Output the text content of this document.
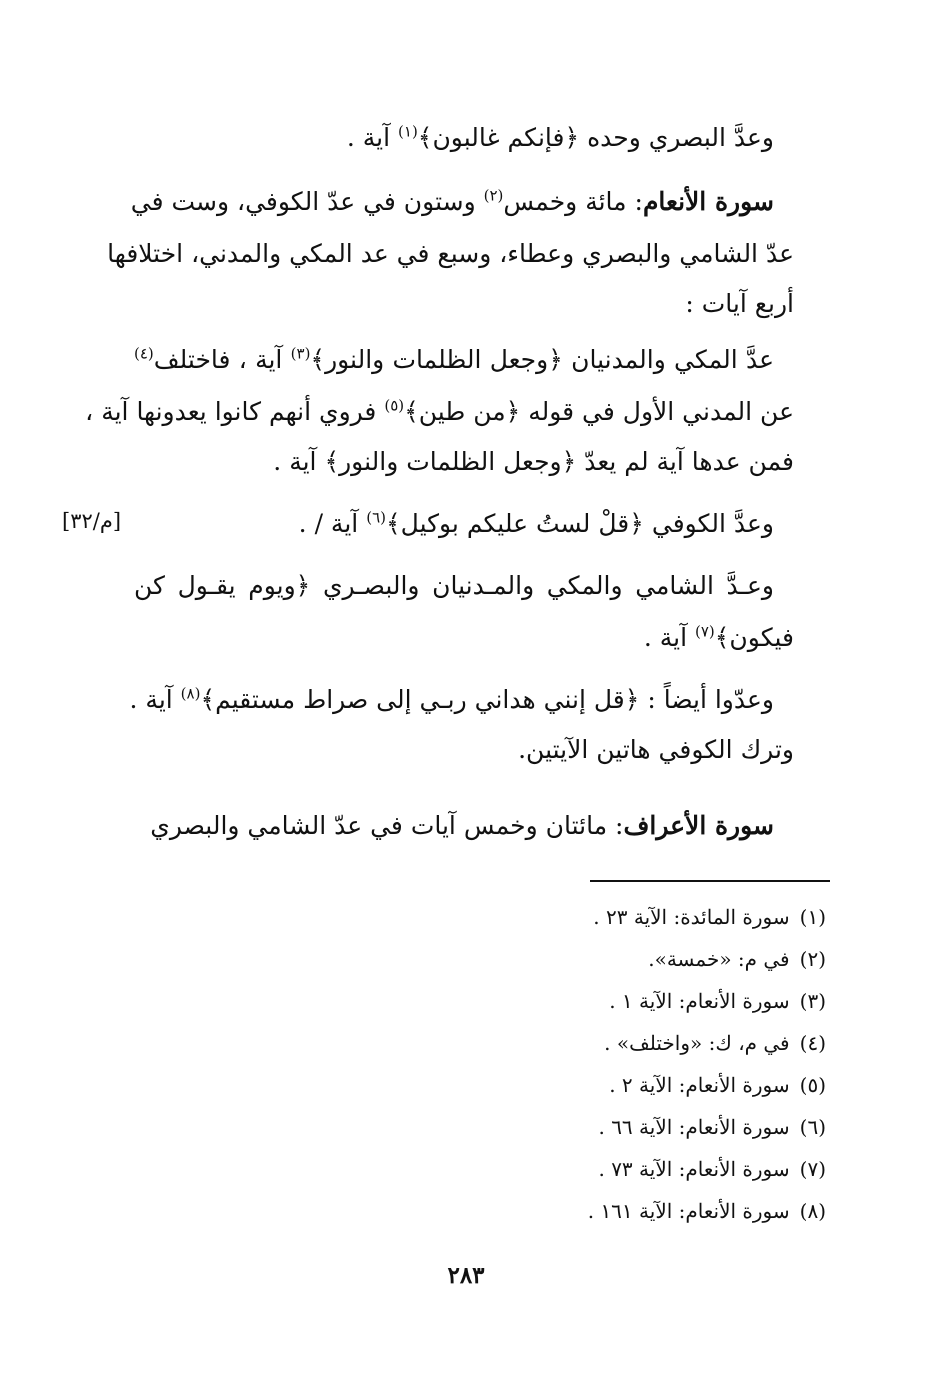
وعدَّ البصري وحده ﴿فإنكم غالبون﴾$^{(١)}$ آية .
سورة الأنعام: مائة وخمس$^{(٢)}$ وستون في عدّ الكوفي، وست في
عدّ الشامي والبصري وعطاء، وسبع في عد المكي والمدني، اختلافها
أربع آيات :
عدَّ المكي والمدنيان ﴿وجعل الظلمات والنور﴾$^{(٣)}$ آية ، فاختلف$^{(٤)}$
عن المدني الأول في قوله ﴿من طين﴾$^{(٥)}$ فروي أنهم كانوا يعدونها آية ،
فمن عدها آية لم يعدّ ﴿وجعل الظلمات والنور﴾ آية .
وعدَّ الكوفي ﴿قلْ لستُ عليكم بوكيل﴾$^{(٦)}$ آية / .
[م/٣٢]
وعـدَّ الشامي والمكي والمـدنيان والبصـري ﴿ويوم يقـول كن
فيكون﴾$^{(٧)}$ آية .
وعدّوا أيضاً : ﴿قل إنني هداني ربـي إلى صراط مستقيم﴾$^{(٨)}$ آية .
وترك الكوفي هاتين الآيتين.
سورة الأعراف: مائتان وخمس آيات في عدّ الشامي والبصري
(١)سورة المائدة: الآية ٢٣ .
(٢)في م: «خمسة».
(٣)سورة الأنعام: الآية ١ .
(٤)في م، ك: «واختلف» .
(٥)سورة الأنعام: الآية ٢ .
(٦)سورة الأنعام: الآية ٦٦ .
(٧)سورة الأنعام: الآية ٧٣ .
(٨)سورة الأنعام: الآية ١٦١ .
٢٨٣
